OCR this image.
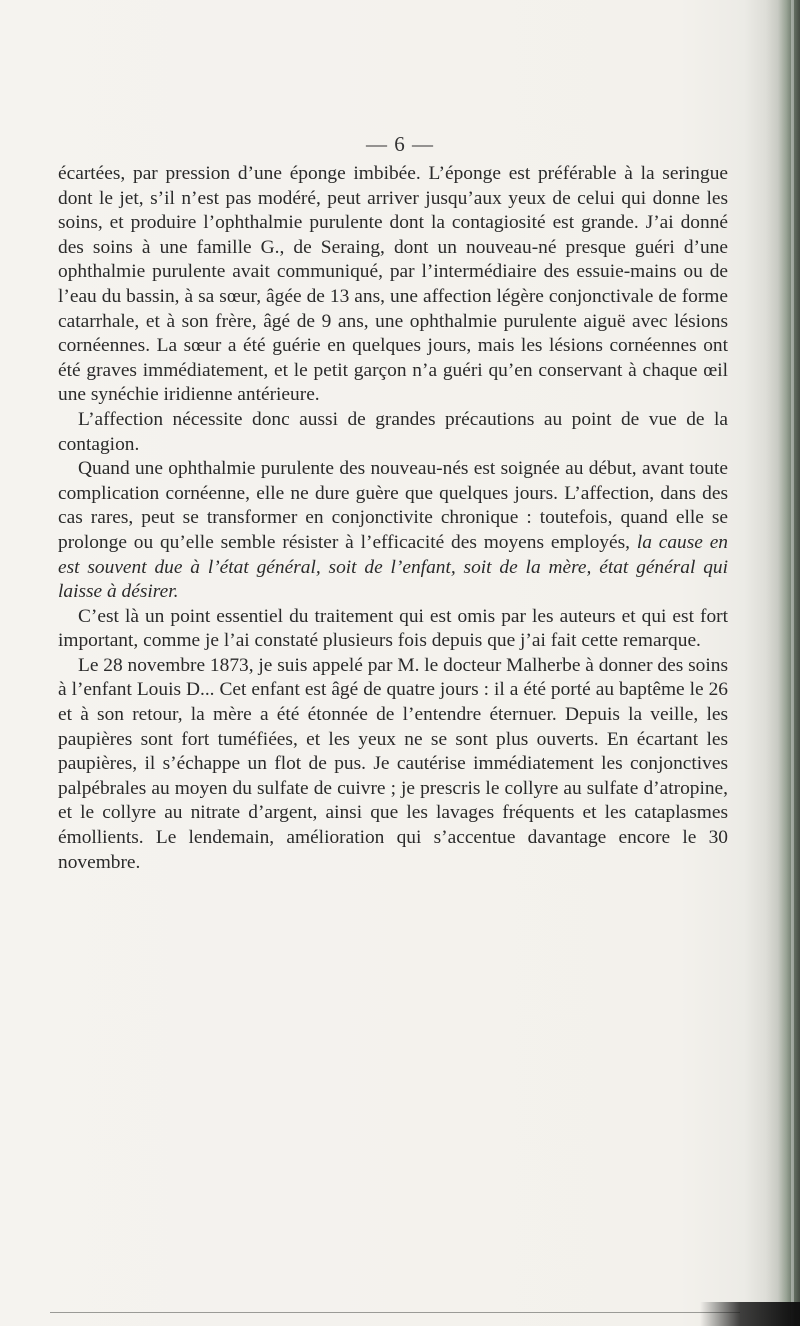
— 6 —

écartées, par pression d’une éponge imbibée. L’éponge est préférable à la seringue dont le jet, s’il n’est pas modéré, peut arriver jusqu’aux yeux de celui qui donne les soins, et produire l’ophthalmie purulente dont la contagiosité est grande. J’ai donné des soins à une famille G., de Seraing, dont un nouveau-né presque guéri d’une ophthalmie purulente avait communiqué, par l’intermédiaire des essuie-mains ou de l’eau du bassin, à sa sœur, âgée de 13 ans, une affection légère conjonctivale de forme catarrhale, et à son frère, âgé de 9 ans, une ophthalmie purulente aiguë avec lésions cornéennes. La sœur a été guérie en quelques jours, mais les lésions cornéennes ont été graves immédiatement, et le petit garçon n’a guéri qu’en conservant à chaque œil une synéchie iridienne antérieure.

L’affection nécessite donc aussi de grandes précautions au point de vue de la contagion.

Quand une ophthalmie purulente des nouveau-nés est soignée au début, avant toute complication cornéenne, elle ne dure guère que quelques jours. L’affection, dans des cas rares, peut se transformer en conjonctivite chronique : toutefois, quand elle se prolonge ou qu’elle semble résister à l’efficacité des moyens employés, la cause en est souvent due à l’état général, soit de l’enfant, soit de la mère, état général qui laisse à désirer.

C’est là un point essentiel du traitement qui est omis par les auteurs et qui est fort important, comme je l’ai constaté plusieurs fois depuis que j’ai fait cette remarque.

Le 28 novembre 1873, je suis appelé par M. le docteur Malherbe à donner des soins à l’enfant Louis D... Cet enfant est âgé de quatre jours : il a été porté au baptême le 26 et à son retour, la mère a été étonnée de l’entendre éternuer. Depuis la veille, les paupières sont fort tuméfiées, et les yeux ne se sont plus ouverts. En écartant les paupières, il s’échappe un flot de pus. Je cautérise immédiatement les conjonctives palpébrales au moyen du sulfate de cuivre ; je prescris le collyre au sulfate d’atropine, et le collyre au nitrate d’argent, ainsi que les lavages fréquents et les cataplasmes émollients. Le lendemain, amélioration qui s’accentue davantage encore le 30 novembre.
